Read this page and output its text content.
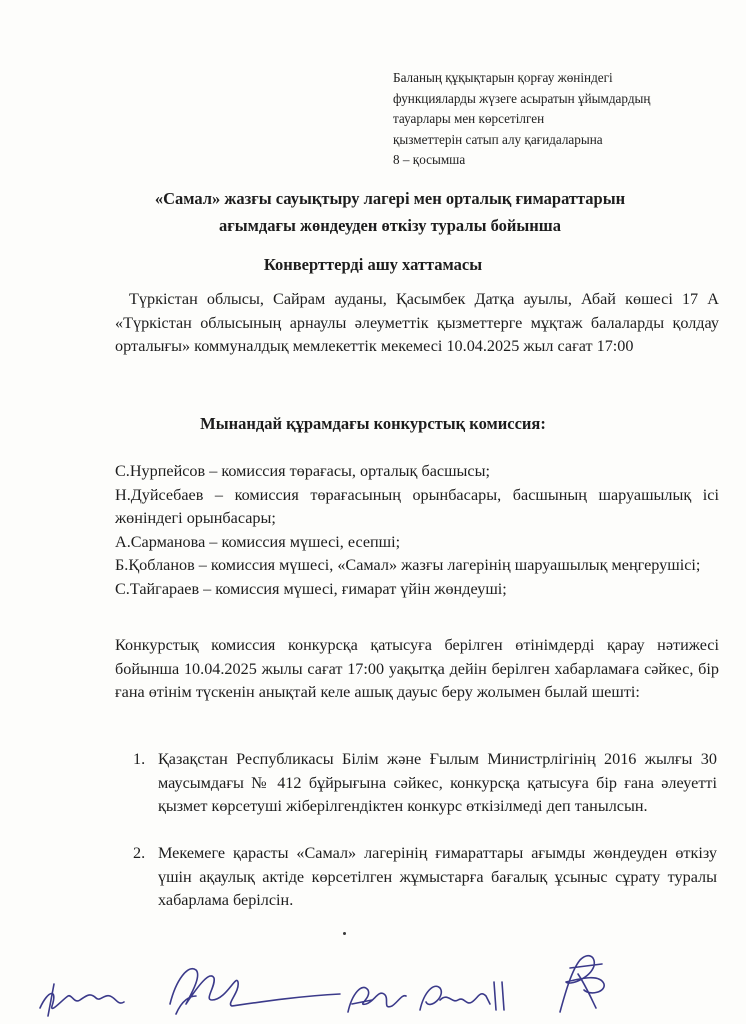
Баланың құқықтарын қорғау жөніндегі
функцияларды жүзеге асыратын ұйымдардың
тауарлары мен көрсетілген
қызметтерін сатып алу қағидаларына
8 – қосымша
«Самал» жазғы сауықтыру лагері мен орталық ғимараттарын
ағымдағы жөндеуден өткізу туралы бойынша
Конверттерді ашу хаттамасы
Түркістан облысы, Сайрам ауданы, Қасымбек Датқа ауылы, Абай көшесі 17 А «Түркістан облысының арнаулы әлеуметтік қызметтерге мұқтаж балаларды қолдау орталығы» коммуналдық мемлекеттік мекемесі 10.04.2025 жыл сағат 17:00
Мынандай құрамдағы конкурстық комиссия:

С.Нурпейсов – комиссия төрағасы, орталық басшысы;

Н.Дуйсебаев – комиссия төрағасының орынбасары, басшының шаруашылық ісі жөніндегі орынбасары;

А.Сарманова – комиссия мүшесі, есепші;

Б.Қобланов – комиссия мүшесі, «Самал» жазғы лагерінің шаруашылық меңгерушісі;

С.Тайгараев – комиссия мүшесі, ғимарат үйін жөндеуші;

Конкурстық комиссия конкурсқа қатысуға берілген өтінімдерді қарау нәтижесі бойынша 10.04.2025 жылы сағат 17:00 уақытқа дейін берілген хабарламаға сәйкес, бір ғана өтінім түскенін анықтай келе ашық дауыс беру жолымен былай шешті:
1. Қазақстан Республикасы Білім және Ғылым Министрлігінің 2016 жылғы 30 маусымдағы № 412 бұйрығына сәйкес, конкурсқа қатысуға бір ғана әлеуетті қызмет көрсетуші жіберілгендіктен конкурс өткізілмеді деп танылсын.
2. Мекемеге қарасты «Самал» лагерінің ғимараттары ағымды жөндеуден өткізу үшін ақаулық актіде көрсетілген жұмыстарға бағалық ұсыныс сұрату туралы хабарлама берілсін.
